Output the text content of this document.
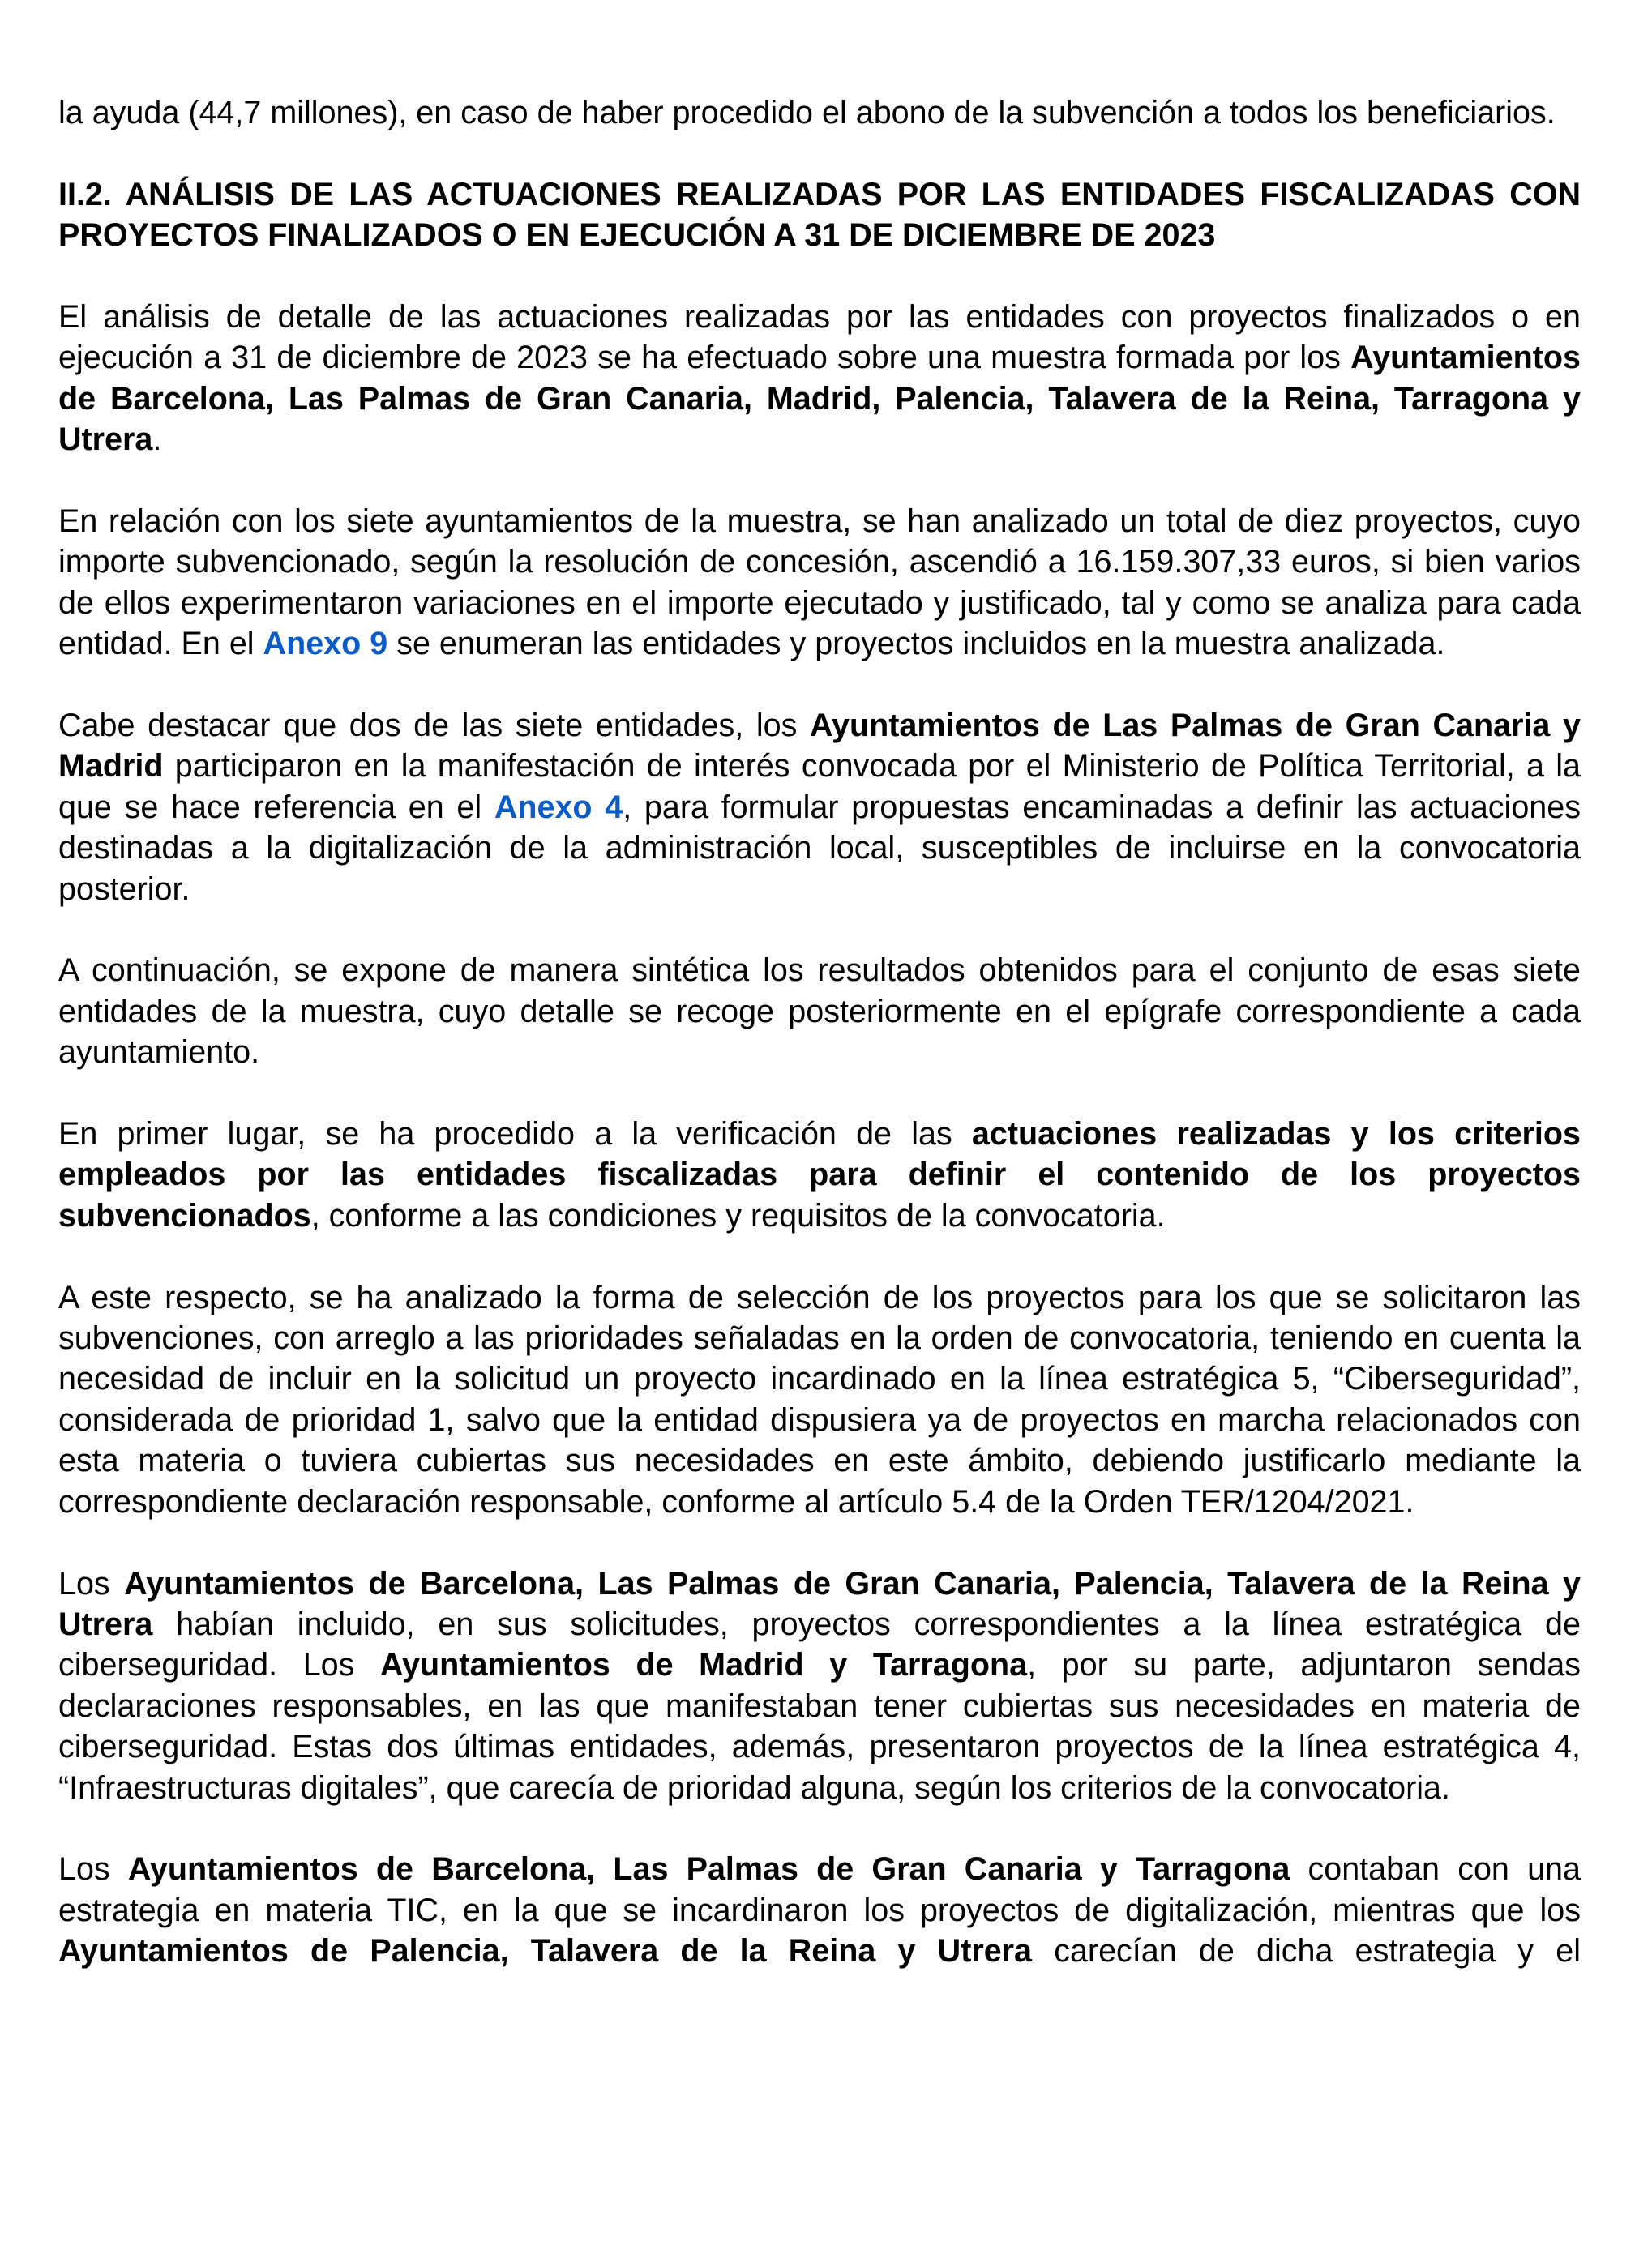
la ayuda (44,7 millones), en caso de haber procedido el abono de la subvención a todos los beneficiarios.

II.2. ANÁLISIS DE LAS ACTUACIONES REALIZADAS POR LAS ENTIDADES FISCALIZADAS CON PROYECTOS FINALIZADOS O EN EJECUCIÓN A 31 DE DICIEMBRE DE 2023

El análisis de detalle de las actuaciones realizadas por las entidades con proyectos finalizados o en ejecución a 31 de diciembre de 2023 se ha efectuado sobre una muestra formada por los Ayuntamientos de Barcelona, Las Palmas de Gran Canaria, Madrid, Palencia, Talavera de la Reina, Tarragona y Utrera.

En relación con los siete ayuntamientos de la muestra, se han analizado un total de diez proyectos, cuyo importe subvencionado, según la resolución de concesión, ascendió a 16.159.307,33 euros, si bien varios de ellos experimentaron variaciones en el importe ejecutado y justificado, tal y como se analiza para cada entidad. En el Anexo 9 se enumeran las entidades y proyectos incluidos en la muestra analizada.

Cabe destacar que dos de las siete entidades, los Ayuntamientos de Las Palmas de Gran Canaria y Madrid participaron en la manifestación de interés convocada por el Ministerio de Política Territorial, a la que se hace referencia en el Anexo 4, para formular propuestas encaminadas a definir las actuaciones destinadas a la digitalización de la administración local, susceptibles de incluirse en la convocatoria posterior.

A continuación, se expone de manera sintética los resultados obtenidos para el conjunto de esas siete entidades de la muestra, cuyo detalle se recoge posteriormente en el epígrafe correspondiente a cada ayuntamiento.

En primer lugar, se ha procedido a la verificación de las actuaciones realizadas y los criterios empleados por las entidades fiscalizadas para definir el contenido de los proyectos subvencionados, conforme a las condiciones y requisitos de la convocatoria.

A este respecto, se ha analizado la forma de selección de los proyectos para los que se solicitaron las subvenciones, con arreglo a las prioridades señaladas en la orden de convocatoria, teniendo en cuenta la necesidad de incluir en la solicitud un proyecto incardinado en la línea estratégica 5, “Ciberseguridad”, considerada de prioridad 1, salvo que la entidad dispusiera ya de proyectos en marcha relacionados con esta materia o tuviera cubiertas sus necesidades en este ámbito, debiendo justificarlo mediante la correspondiente declaración responsable, conforme al artículo 5.4 de la Orden TER/1204/2021.

Los Ayuntamientos de Barcelona, Las Palmas de Gran Canaria, Palencia, Talavera de la Reina y Utrera habían incluido, en sus solicitudes, proyectos correspondientes a la línea estratégica de ciberseguridad. Los Ayuntamientos de Madrid y Tarragona, por su parte, adjuntaron sendas declaraciones responsables, en las que manifestaban tener cubiertas sus necesidades en materia de ciberseguridad. Estas dos últimas entidades, además, presentaron proyectos de la línea estratégica 4, “Infraestructuras digitales”, que carecía de prioridad alguna, según los criterios de la convocatoria.

Los Ayuntamientos de Barcelona, Las Palmas de Gran Canaria y Tarragona contaban con una estrategia en materia TIC, en la que se incardinaron los proyectos de digitalización, mientras que los Ayuntamientos de Palencia, Talavera de la Reina y Utrera carecían de dicha estrategia y el
